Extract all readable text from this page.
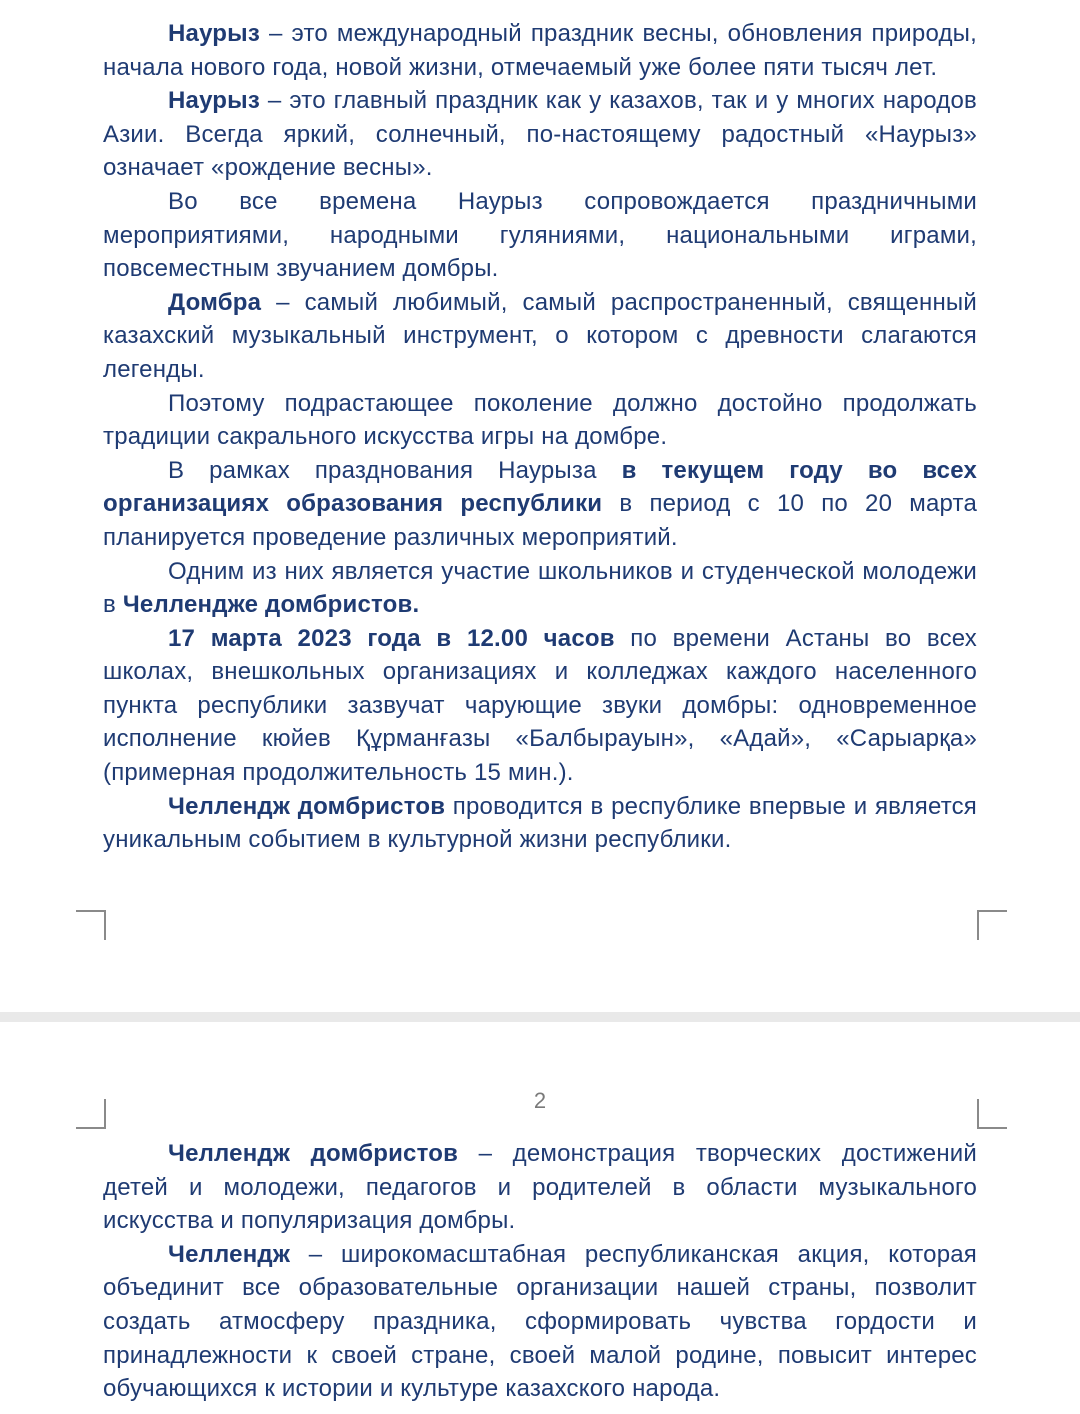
Наурыз – это международный праздник весны, обновления природы, начала нового года, новой жизни, отмечаемый уже более пяти тысяч лет.

Наурыз – это главный праздник как у казахов, так и у многих народов Азии. Всегда яркий, солнечный, по-настоящему радостный «Наурыз» означает «рождение весны».

Во все времена Наурыз сопровождается праздничными мероприятиями, народными гуляниями, национальными играми, повсеместным звучанием домбры.

Домбра – самый любимый, самый распространенный, священный казахский музыкальный инструмент, о котором с древности слагаются легенды.

Поэтому подрастающее поколение должно достойно продолжать традиции сакрального искусства игры на домбре.

В рамках празднования Наурыза в текущем году во всех организациях образования республики в период с 10 по 20 марта планируется проведение различных мероприятий.

Одним из них является участие школьников и студенческой молодежи в Челлендже домбристов.

17 марта 2023 года в 12.00 часов по времени Астаны во всех школах, внешкольных организациях и колледжах каждого населенного пункта республики зазвучат чарующие звуки домбры: одновременное исполнение кюйев Құрманғазы «Балбырауын», «Адай», «Сарыарқа» (примерная продолжительность 15 мин.).

Челлендж домбристов проводится в республике впервые и является уникальным событием в культурной жизни республики.

2

Челлендж домбристов – демонстрация творческих достижений детей и молодежи, педагогов и родителей в области музыкального искусства и популяризация домбры.

Челлендж – широкомасштабная республиканская акция, которая объединит все образовательные организации нашей страны, позволит создать атмосферу праздника, сформировать чувства гордости и принадлежности к своей стране, своей малой родине, повысит интерес обучающихся к истории и культуре казахского народа.
